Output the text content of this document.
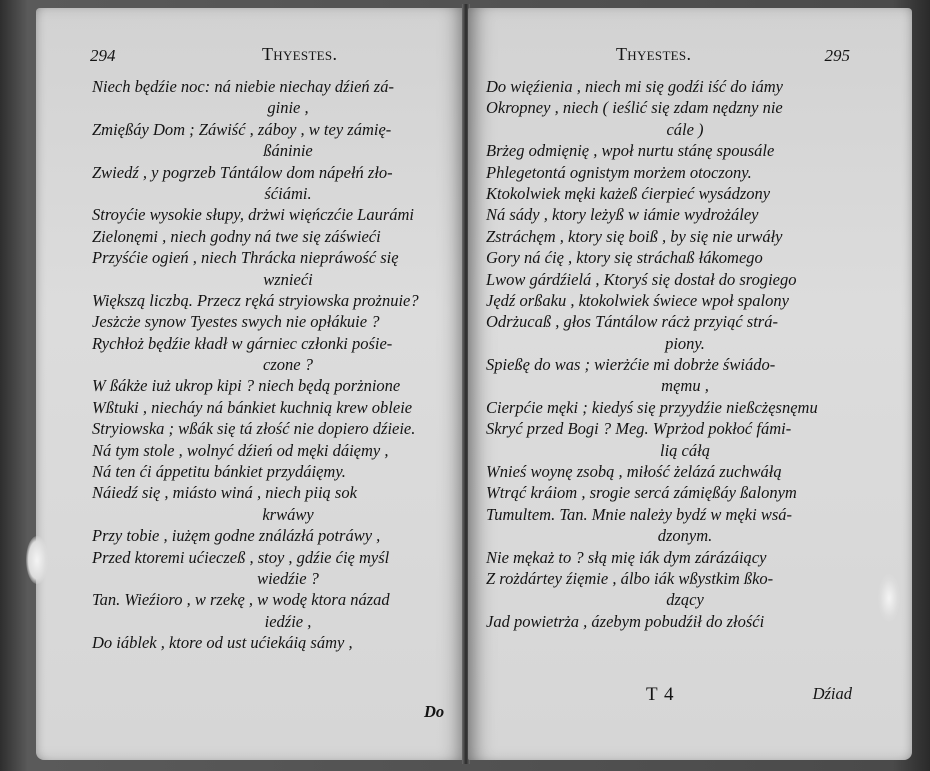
294	Thyestes.
Niech będźie noc: ná niebie niechay dźień zá-
ginie ,
Zmięßáy Dom ; Záwiść , záboy , w tey zámię-
ßáninie
Zwiedź , y pogrzeb Tántálow dom nápełń zło-
śćiámi.
Stroyćie wysokie słupy, drżwi więńczćie Laurámi
Zielonęmi , niech godny ná twe się záświeći
Przyśćie ogień , niech Thrácka niepráwość się
wznieći
Większą liczbą. Przecz ręká stryiowska prożnuie?
Jesżcże synow Tyestes swych nie opłákuie ?
Rychłoż będźie kładł w gárniec członki pośie-
czone ?
W ßákże iuż ukrop kipi ? niech będą porżnione
Wßtuki , niecháy ná bánkiet kuchnią krew obleie
Stryiowska ; wßák się tá złość nie dopiero dźieie.
Ná tym stole , wolnyć dźień od męki dáięmy ,
Ná ten ći áppetitu bánkiet przydáięmy.
Náiedź się , miásto winá , niech piią sok
krwáwy
Przy tobie , iużęm godne ználázłá potráwy ,
Przed ktoremi ućieczeß , stoy , gdźie ćię myśl
wiedźie ?
Tan. Wieźioro , w rzekę , w wodę ktora názad
iedźie ,
Do iáblek , ktore od ust ućiekáią sámy ,
Do
Thyestes.	295
Do więźienia , niech mi się godźi iść do iámy
Okropney , niech ( ieślić się zdam nędzny nie
cále )
Brżeg odmięnię , wpoł nurtu stánę spousále
Phlegetontá ognistym morżem otoczony.
Ktokolwiek męki każeß ćierpieć wysádzony
Ná sády , ktory leżyß w iámie wydrożáley
Zstráchęm , ktory się boiß , by się nie urwáły
Gory ná ćię , ktory się stráchaß łákomego
Lwow gárdźielá , Ktoryś się dostał do srogiego
Jędź orßaku , ktokolwiek świece wpoł spalony
Odrżucaß , głos Tántálow rácż przyiąć strá-
piony.
Spießę do was ; wierżćie mi dobrże świádo-
męmu ,
Cierpćie męki ; kiedyś się przyydźie nießcżęsnęmu
Skryć przed Bogi ? Meg. Wprżod pokłoć fámi-
lią cáłą
Wnieś woynę zsobą , miłość żelázá zuchwáłą
Wtrąć kráiom , srogie sercá zámięßáy ßalonym
Tumultem. Tan. Mnie należy bydź w męki wsá-
dzonym.
Nie mękaż to ? słą mię iák dym zárázáiący
Z rożdártey źięmie , álbo iák wßystkim ßko-
dzący
Jad powietrża , ázebym pobudźił do złośći
T 4	Dźiad
